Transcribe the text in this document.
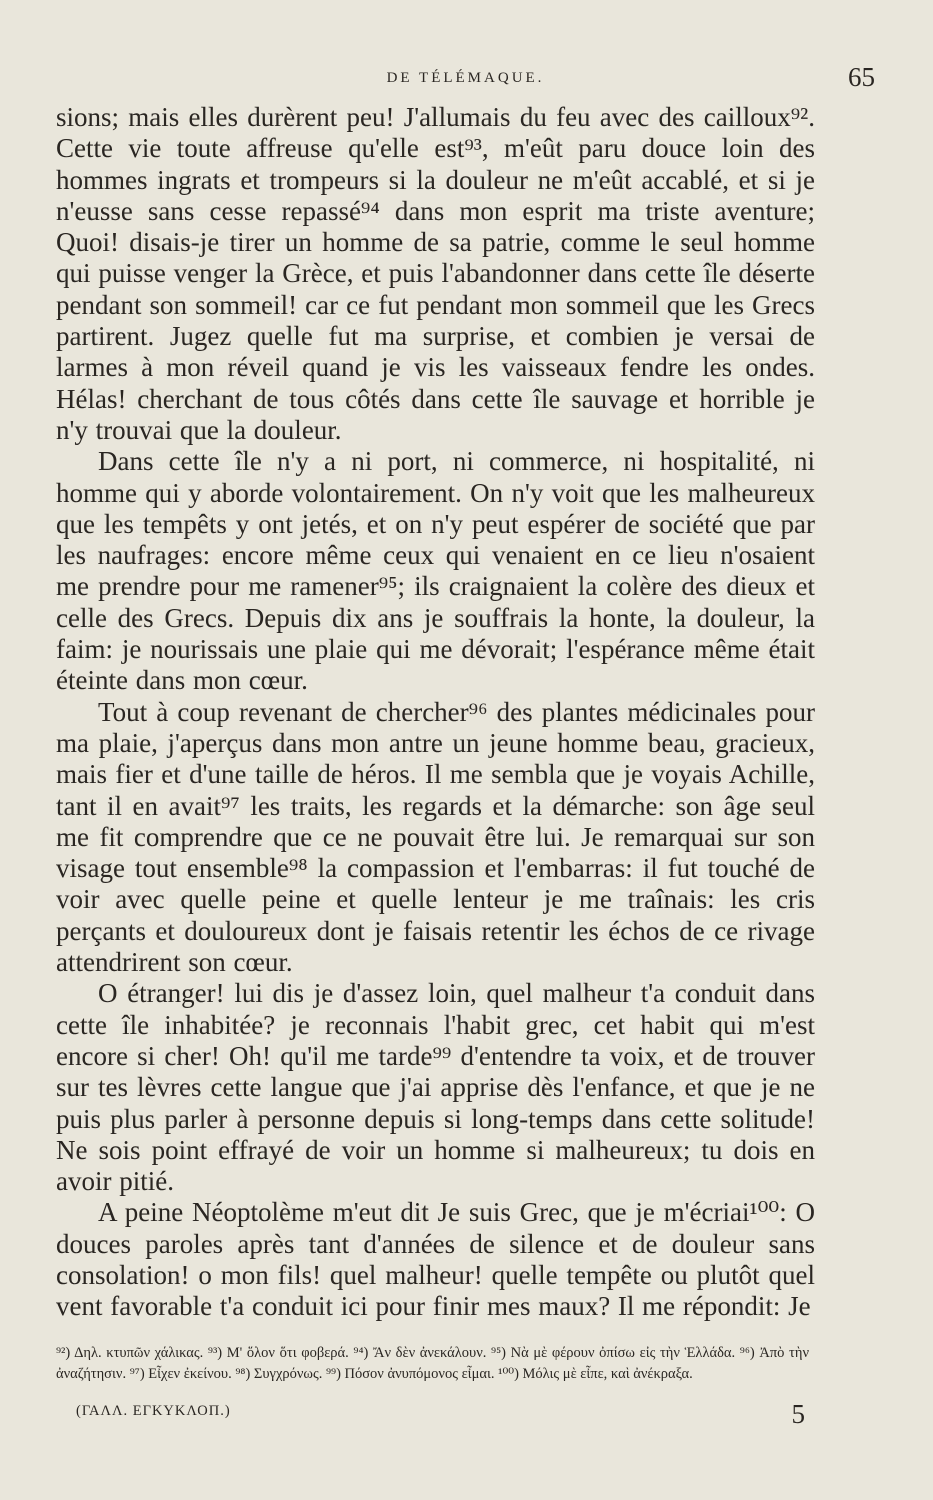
DE TÉLÉMAQUE.	65

sions; mais elles durèrent peu! J'allumais du feu avec des cailloux⁹². Cette vie toute affreuse qu'elle est⁹³, m'eût paru douce loin des hommes ingrats et trompeurs si la douleur ne m'eût accablé, et si je n'eusse sans cesse repassé⁹⁴ dans mon esprit ma triste aventure; Quoi! disais-je tirer un homme de sa patrie, comme le seul homme qui puisse venger la Grèce, et puis l'abandonner dans cette île déserte pendant son sommeil! car ce fut pendant mon sommeil que les Grecs partirent. Jugez quelle fut ma surprise, et combien je versai de larmes à mon réveil quand je vis les vaisseaux fendre les ondes. Hélas! cherchant de tous côtés dans cette île sauvage et horrible je n'y trouvai que la douleur.

Dans cette île n'y a ni port, ni commerce, ni hospitalité, ni homme qui y aborde volontairement. On n'y voit que les malheureux que les tempêts y ont jetés, et on n'y peut espérer de société que par les naufrages: encore même ceux qui venaient en ce lieu n'osaient me prendre pour me ramener⁹⁵; ils craignaient la colère des dieux et celle des Grecs. Depuis dix ans je souffrais la honte, la douleur, la faim: je nourissais une plaie qui me dévorait; l'espérance même était éteinte dans mon cœur.

Tout à coup revenant de chercher⁹⁶ des plantes médicinales pour ma plaie, j'aperçus dans mon antre un jeune homme beau, gracieux, mais fier et d'une taille de héros. Il me sembla que je voyais Achille, tant il en avait⁹⁷ les traits, les regards et la démarche: son âge seul me fit comprendre que ce ne pouvait être lui. Je remarquai sur son visage tout ensemble⁹⁸ la compassion et l'embarras: il fut touché de voir avec quelle peine et quelle lenteur je me traînais: les cris perçants et douloureux dont je faisais retentir les échos de ce rivage attendrirent son cœur.

O étranger! lui dis je d'assez loin, quel malheur t'a conduit dans cette île inhabitée? je reconnais l'habit grec, cet habit qui m'est encore si cher! Oh! qu'il me tarde⁹⁹ d'entendre ta voix, et de trouver sur tes lèvres cette langue que j'ai apprise dès l'enfance, et que je ne puis plus parler à personne depuis si long-temps dans cette solitude! Ne sois point effrayé de voir un homme si malheureux; tu dois en avoir pitié.

A peine Néoptolème m'eut dit Je suis Grec, que je m'écriai¹⁰⁰: O douces paroles après tant d'années de silence et de douleur sans consolation! o mon fils! quel malheur! quelle tempête ou plutôt quel vent favorable t'a conduit ici pour finir mes maux? Il me répondit: Je

⁹²) Δηλ. κτυπῶν χάλικας. ⁹³) Μ' ὅλον ὅτι φοβερά. ⁹⁴) Ἄν δὲν ἀνεκάλουν. ⁹⁵) Νὰ μὲ φέρουν ὀπίσω εἰς τὴν Ἑλλάδα. ⁹⁶) Ἀπὸ τὴν ἀναζήτησιν. ⁹⁷) Εἶχεν ἐκείνου. ⁹⁸) Συγχρόνως. ⁹⁹) Πόσον ἀνυπόμονος εἶμαι. ¹⁰⁰) Μόλις μὲ εἶπε, καὶ ἀνέκραξα.

(ΓΑΛΛ. ΕΓΚΥΚΛΟΠ.)	5
